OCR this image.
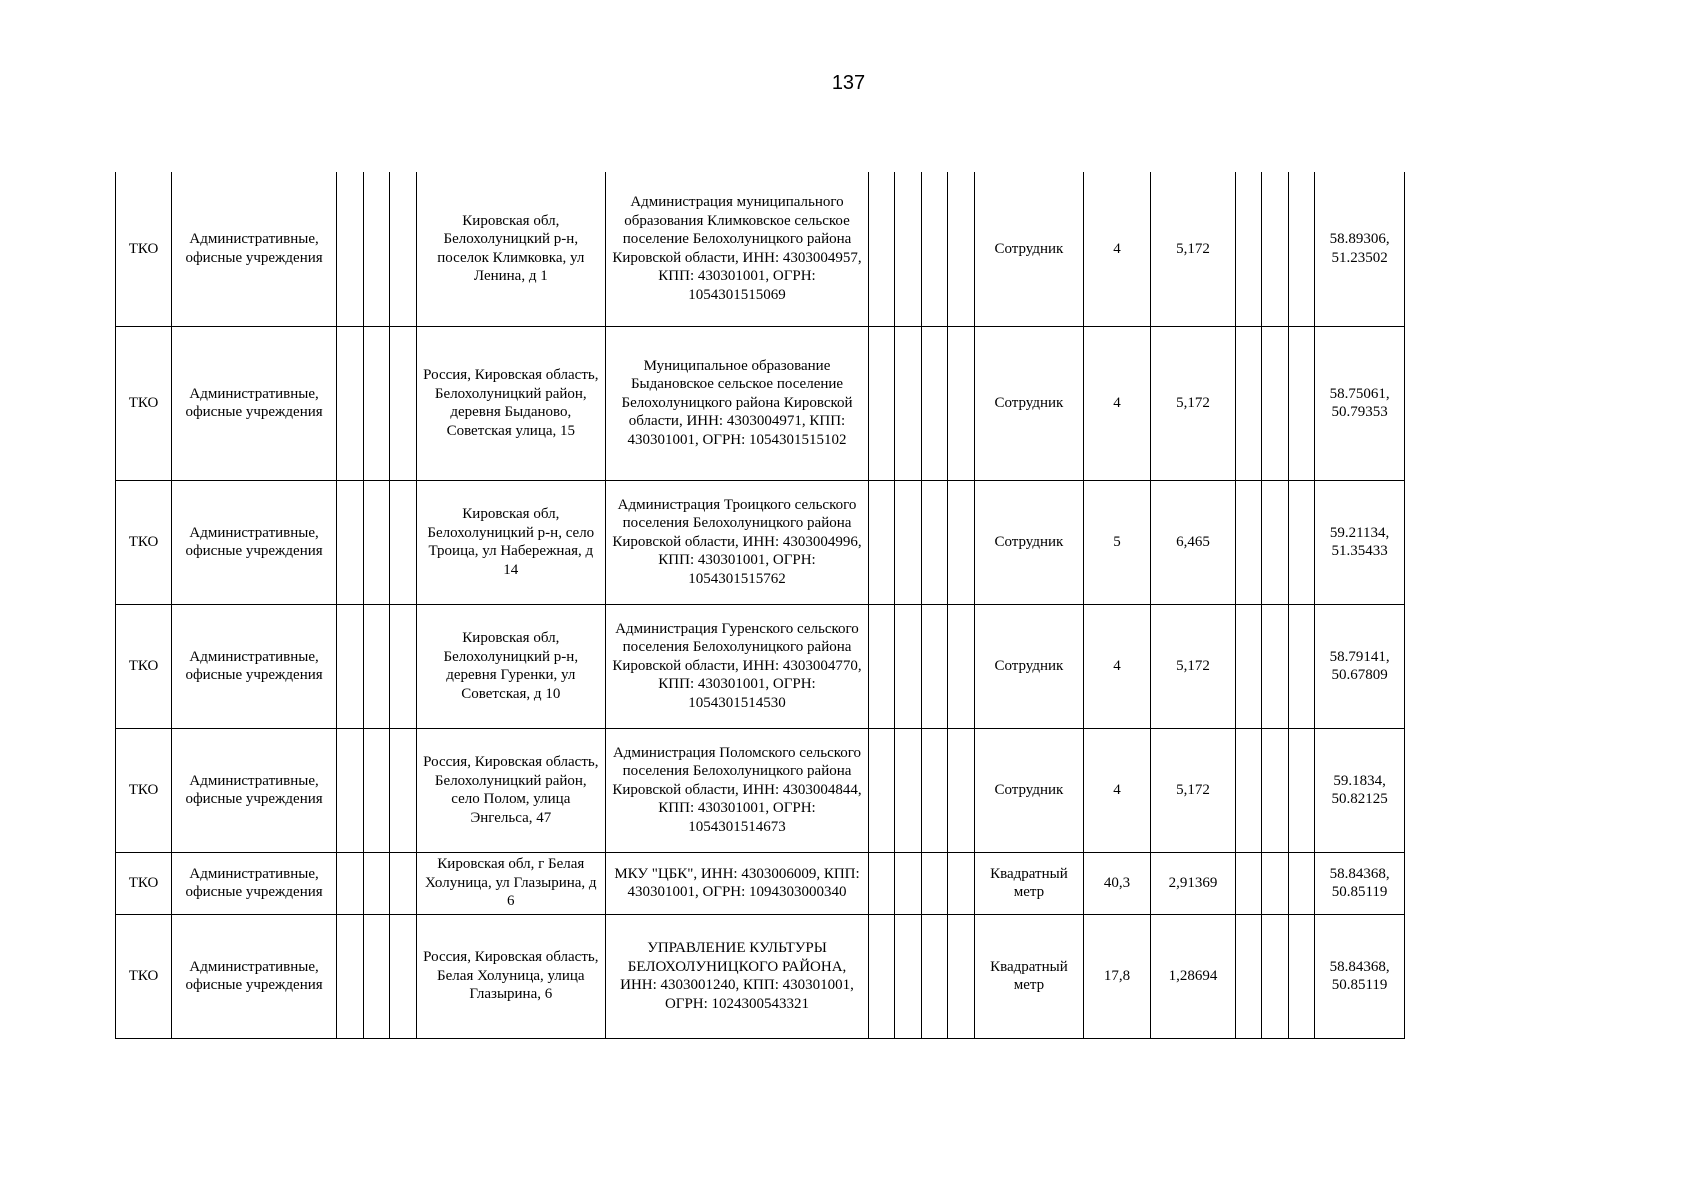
137
ТКО	Административные, офисные учреждения				Кировская обл, Белохолуницкий р-н, поселок Климковка, ул Ленина, д 1	Администрация муниципального образования Климковское сельское поселение Белохолуницкого района Кировской области, ИНН: 4303004957, КПП: 430301001, ОГРН: 1054301515069					Сотрудник	4	5,172				58.89306, 51.23502
ТКО	Административные, офисные учреждения				Россия, Кировская область, Белохолуницкий район, деревня Быданово, Советская улица, 15	Муниципальное образование Быдановское сельское поселение Белохолуницкого района Кировской области, ИНН: 4303004971, КПП: 430301001, ОГРН: 1054301515102					Сотрудник	4	5,172				58.75061, 50.79353
ТКО	Административные, офисные учреждения				Кировская обл, Белохолуницкий р-н, село Троица, ул Набережная, д 14	Администрация Троицкого сельского поселения Белохолуницкого района Кировской области, ИНН: 4303004996, КПП: 430301001, ОГРН: 1054301515762					Сотрудник	5	6,465				59.21134, 51.35433
ТКО	Административные, офисные учреждения				Кировская обл, Белохолуницкий р-н, деревня Гуренки, ул Советская, д 10	Администрация Гуренского сельского поселения Белохолуницкого района Кировской области, ИНН: 4303004770, КПП: 430301001, ОГРН: 1054301514530					Сотрудник	4	5,172				58.79141, 50.67809
ТКО	Административные, офисные учреждения				Россия, Кировская область, Белохолуницкий район, село Полом, улица Энгельса, 47	Администрация Поломского сельского поселения Белохолуницкого района Кировской области, ИНН: 4303004844, КПП: 430301001, ОГРН: 1054301514673					Сотрудник	4	5,172				59.1834, 50.82125
ТКО	Административные, офисные учреждения				Кировская обл, г Белая Холуница, ул Глазырина, д 6	МКУ "ЦБК", ИНН: 4303006009, КПП: 430301001, ОГРН: 1094303000340					Квадратный метр	40,3	2,91369				58.84368, 50.85119
ТКО	Административные, офисные учреждения				Россия, Кировская область, Белая Холуница, улица Глазырина, 6	УПРАВЛЕНИЕ КУЛЬТУРЫ БЕЛОХОЛУНИЦКОГО РАЙОНА, ИНН: 4303001240, КПП: 430301001, ОГРН: 1024300543321					Квадратный метр	17,8	1,28694				58.84368, 50.85119
